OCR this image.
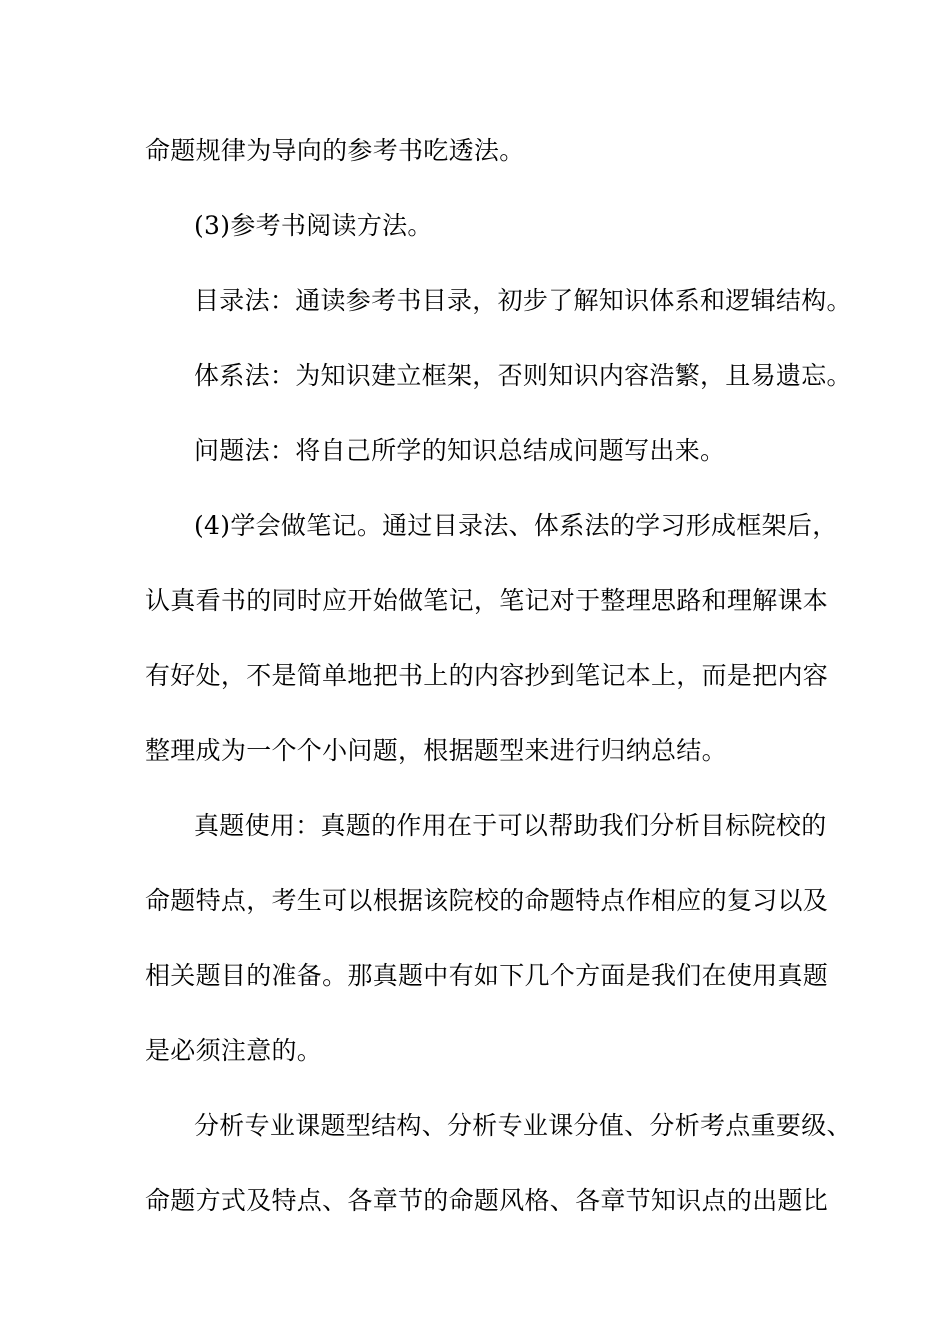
命题规律为导向的参考书吃透法。
(3)参考书阅读方法。
目录法：通读参考书目录，初步了解知识体系和逻辑结构。
体系法：为知识建立框架，否则知识内容浩繁，且易遗忘。
问题法：将自己所学的知识总结成问题写出来。
(4)学会做笔记。通过目录法、体系法的学习形成框架后，
认真看书的同时应开始做笔记，笔记对于整理思路和理解课本
有好处，不是简单地把书上的内容抄到笔记本上，而是把内容
整理成为一个个小问题，根据题型来进行归纳总结。
真题使用：真题的作用在于可以帮助我们分析目标院校的
命题特点，考生可以根据该院校的命题特点作相应的复习以及
相关题目的准备。那真题中有如下几个方面是我们在使用真题
是必须注意的。
分析专业课题型结构、分析专业课分值、分析考点重要级、
命题方式及特点、各章节的命题风格、各章节知识点的出题比
